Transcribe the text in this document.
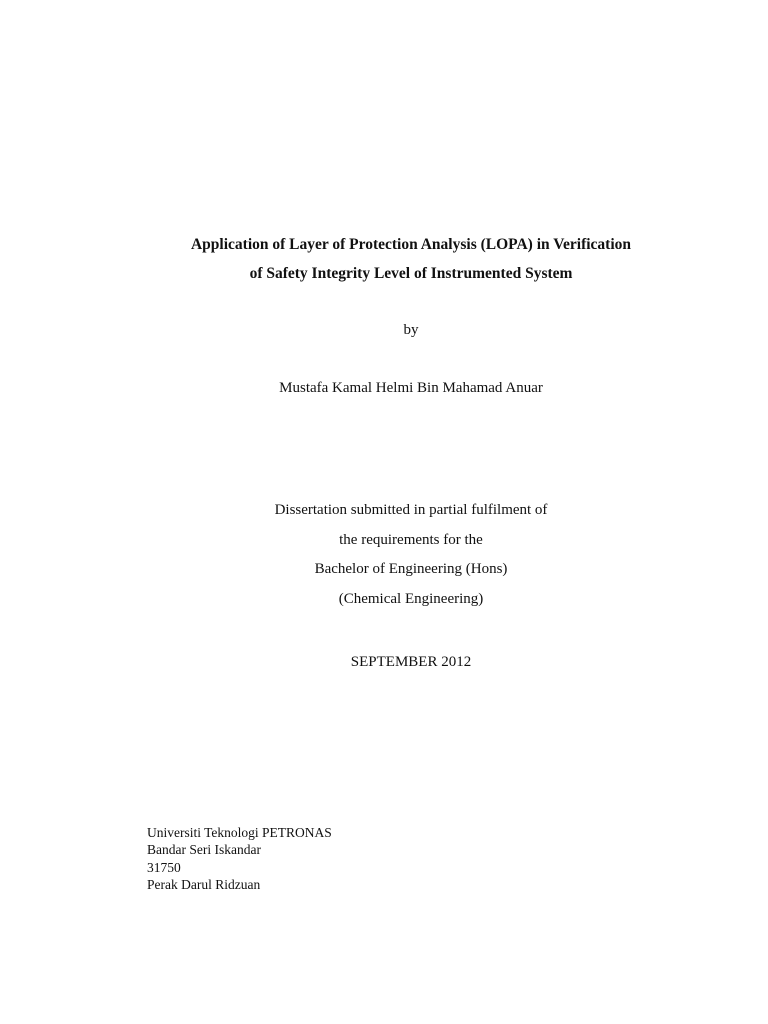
Application of Layer of Protection Analysis (LOPA) in Verification
of Safety Integrity Level of Instrumented System
by
Mustafa Kamal Helmi Bin Mahamad Anuar
Dissertation submitted in partial fulfilment of
the requirements for the
Bachelor of Engineering (Hons)
(Chemical Engineering)
SEPTEMBER 2012
Universiti Teknologi PETRONAS
Bandar Seri Iskandar
31750
Perak Darul Ridzuan
